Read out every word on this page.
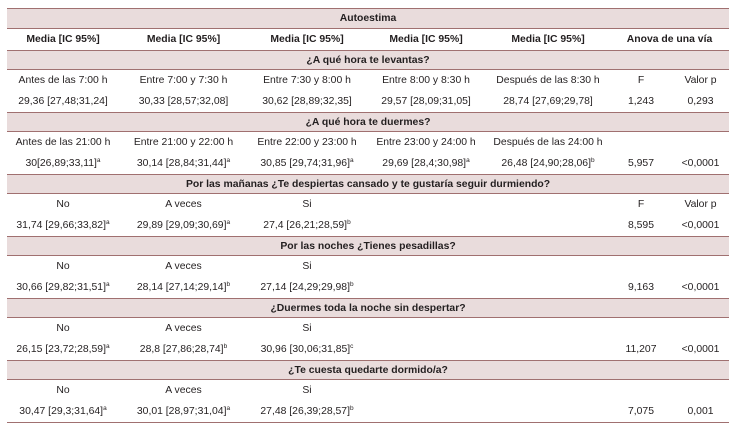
Autoestima						
Media [IC 95%]	Media [IC 95%]	Media [IC 95%]	Media [IC 95%]	Media [IC 95%]	Anova de una vía	
¿A qué hora te levantas?						
Antes de las 7:00 h	Entre 7:00 y 7:30 h	Entre 7:30 y 8:00 h	Entre 8:00 y 8:30 h	Después de las 8:30 h	F	Valor p
29,36 [27,48;31,24]	30,33 [28,57;32,08]	30,62 [28,89;32,35]	29,57 [28,09;31,05]	28,74 [27,69;29,78]	1,243	0,293
¿A qué hora te duermes?						
Antes de las 21:00 h	Entre 21:00 y 22:00 h	Entre 22:00 y 23:00 h	Entre 23:00 y 24:00 h	Después de las 24:00 h		
30[26,89;33,11]$^a$	30,14 [28,84;31,44]$^a$	30,85 [29,74;31,96]$^a$	29,69 [28,4;30,98]$^a$	26,48 [24,90;28,06]$^b$	5,957	<0,0001
Por las mañanas ¿Te despiertas cansado y te gustaría seguir durmiendo?						
No	A veces	Si			F	Valor p
31,74 [29,66;33,82]$^a$	29,89 [29,09;30,69]$^a$	27,4 [26,21;28,59]$^b$			8,595	<0,0001
Por las noches ¿Tienes pesadillas?						
No	A veces	Si				
30,66 [29,82;31,51]$^a$	28,14 [27,14;29,14]$^b$	27,14 [24,29;29,98]$^b$			9,163	<0,0001
¿Duermes toda la noche sin despertar?						
No	A veces	Si				
26,15 [23,72;28,59]$^a$	28,8 [27,86;28,74]$^b$	30,96 [30,06;31,85]$^c$			11,207	<0,0001
¿Te cuesta quedarte dormido/a?						
No	A veces	Si				
30,47 [29,3;31,64]$^a$	30,01 [28,97;31,04]$^a$	27,48 [26,39;28,57]$^b$			7,075	0,001
